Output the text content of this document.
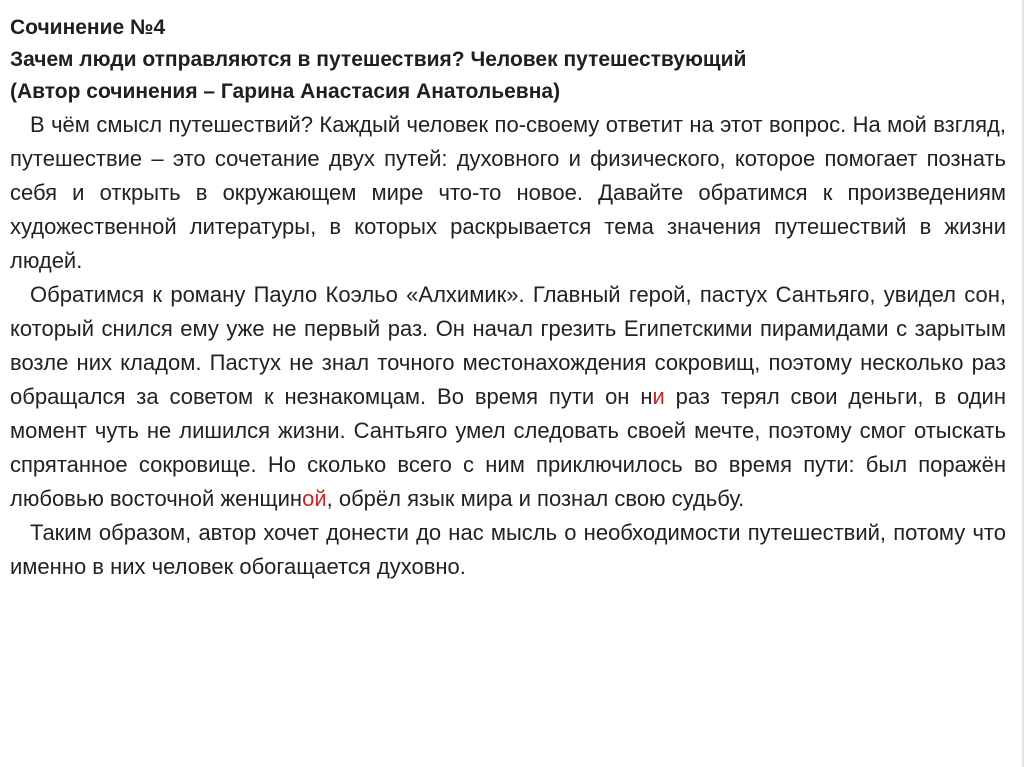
Сочинение №4
Зачем люди отправляются в путешествия? Человек путешествующий
(Автор сочинения – Гарина Анастасия Анатольевна)

В чём смысл путешествий? Каждый человек по-своему ответит на этот вопрос. На мой взгляд, путешествие – это сочетание двух путей: духовного и физического, которое помогает познать себя и открыть в окружающем мире что-то новое. Давайте обратимся к произведениям художественной литературы, в которых раскрывается тема значения путешествий в жизни людей.

Обратимся к роману Пауло Коэльо «Алхимик». Главный герой, пастух Сантьяго, увидел сон, который снился ему уже не первый раз. Он начал грезить Египетскими пирамидами с зарытым возле них кладом. Пастух не знал точного местонахождения сокровищ, поэтому несколько раз обращался за советом к незнакомцам. Во время пути он ни раз терял свои деньги, в один момент чуть не лишился жизни. Сантьяго умел следовать своей мечте, поэтому смог отыскать спрятанное сокровище. Но сколько всего с ним приключилось во время пути: был поражён любовью восточной женщиной, обрёл язык мира и познал свою судьбу.

Таким образом, автор хочет донести до нас мысль о необходимости путешествий, потому что именно в них человек обогащается духовно.
